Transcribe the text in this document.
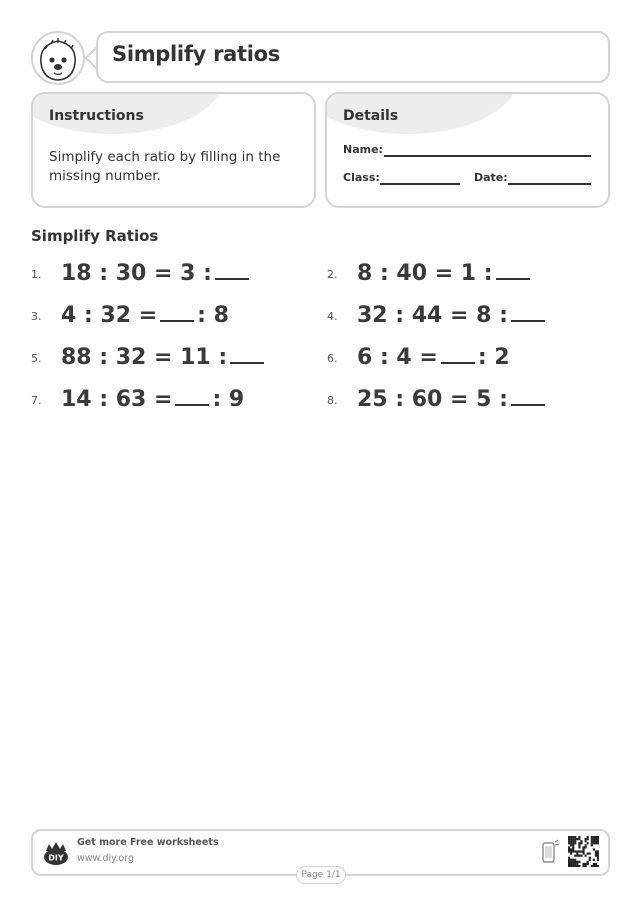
Simplify ratios
Instructions
Simplify each ratio by filling in the missing number.
Details
Name:
Class:	Date:
Simplify Ratios
1. 18 : 30 = 3 :	2. 8 : 40 = 1 :
3. 4 : 32 = : 8	4. 32 : 44 = 8 :
5. 88 : 32 = 11 :	6. 6 : 4 = : 2
7. 14 : 63 = : 9	8. 25 : 60 = 5 :
DIY
Get more Free worksheets
www.diy.org
Page 1/1
